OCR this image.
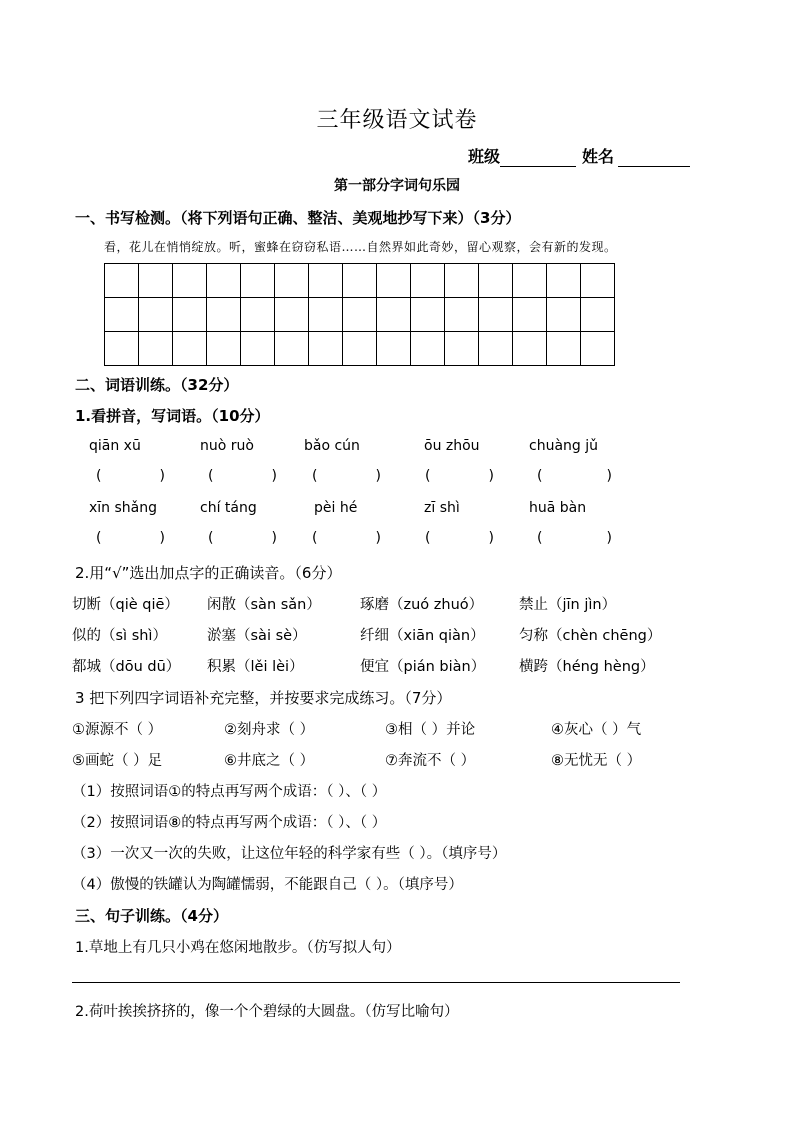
三年级语文试卷
班级	姓名
第一部分字词句乐园
一、书写检测。（将下列语句正确、整洁、美观地抄写下来）（3分）
看，花儿在悄悄绽放。听，蜜蜂在窃窃私语……自然界如此奇妙，留心观察，会有新的发现。
二、词语训练。（32分）
1.看拼音，写词语。（10分）
qiān xū	nuò ruò	bǎo cún	ōu zhōu	chuàng jǔ
(	)	(	)	(	)	(	)	(	)
xīn shǎng	chí táng	pèi hé	zī shì	huā bàn
(	)	(	)	(	)	(	)	(	)
2.用“√”选出加点字的正确读音。（6分）
切断（qiè qiē） 闲散（sàn sǎn）	琢磨（zuó zhuó） 禁止（jīn jìn）
似的（sì shì）	淤塞（sài sè）	纤细（xiān qiàn） 匀称（chèn chēng）
都城（dōu dū） 积累（lěi lèi）	便宜（pián biàn） 横跨（héng hèng）
3 把下列四字词语补充完整，并按要求完成练习。（7分）
①源源不（ ）	②刻舟求（ ）	③相（ ）并论	④灰心（ ）气
⑤画蛇（ ）足	⑥井底之（ ）	⑦奔流不（ ）	⑧无忧无（ ）
（1）按照词语①的特点再写两个成语：（ ）、（ ）
（2）按照词语⑧的特点再写两个成语：（ ）、（ ）
（3）一次又一次的失败，让这位年轻的科学家有些（ ）。（填序号）
（4）傲慢的铁罐认为陶罐懦弱，不能跟自己（ ）。（填序号）
三、句子训练。（4分）
1.草地上有几只小鸡在悠闲地散步。（仿写拟人句）
2.荷叶挨挨挤挤的，像一个个碧绿的大圆盘。（仿写比喻句）
